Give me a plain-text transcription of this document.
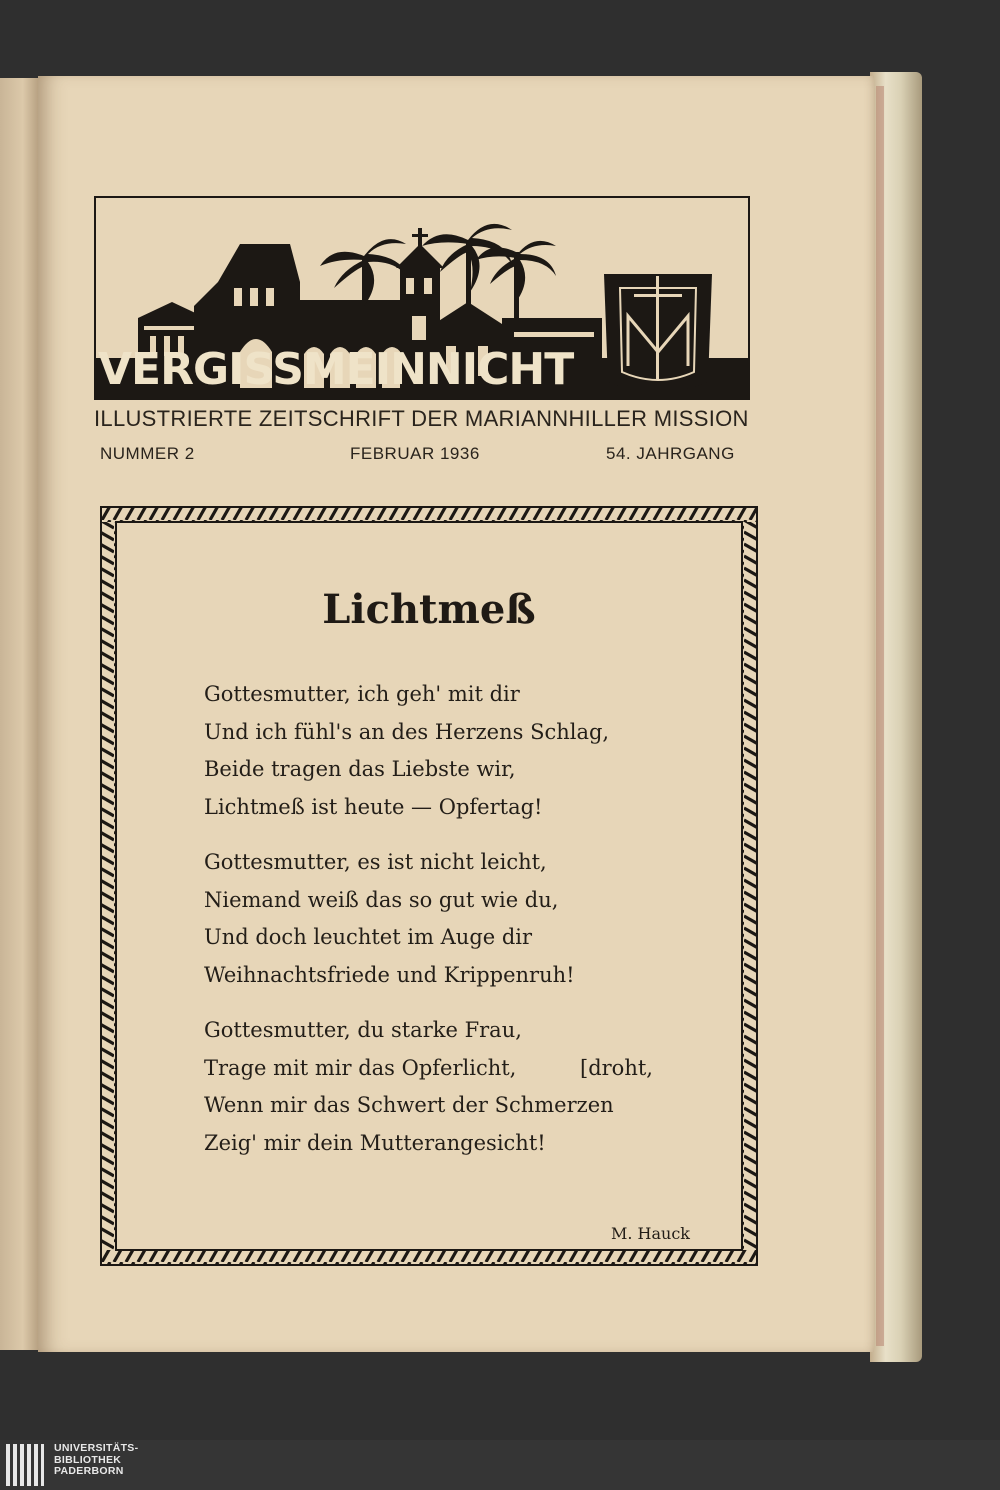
VERGISSMEINNICHT
ILLUSTRIERTE ZEITSCHRIFT DER MARIANNHILLER MISSION
NUMMER 2	FEBRUAR 1936	54. JAHRGANG
Lichtmeß
Gottesmutter, ich geh' mit dir
Und ich fühl's an des Herzens Schlag,
Beide tragen das Liebste wir,
Lichtmeß ist heute — Opfertag!
Gottesmutter, es ist nicht leicht,
Niemand weiß das so gut wie du,
Und doch leuchtet im Auge dir
Weihnachtsfriede und Krippenruh!
Gottesmutter, du starke Frau,
Trage mit mir das Opferlicht,	[droht,
Wenn mir das Schwert der Schmerzen
Zeig' mir dein Mutterangesicht!
M. Hauck
UNIVERSITÄTS-
BIBLIOTHEK
PADERBORN
